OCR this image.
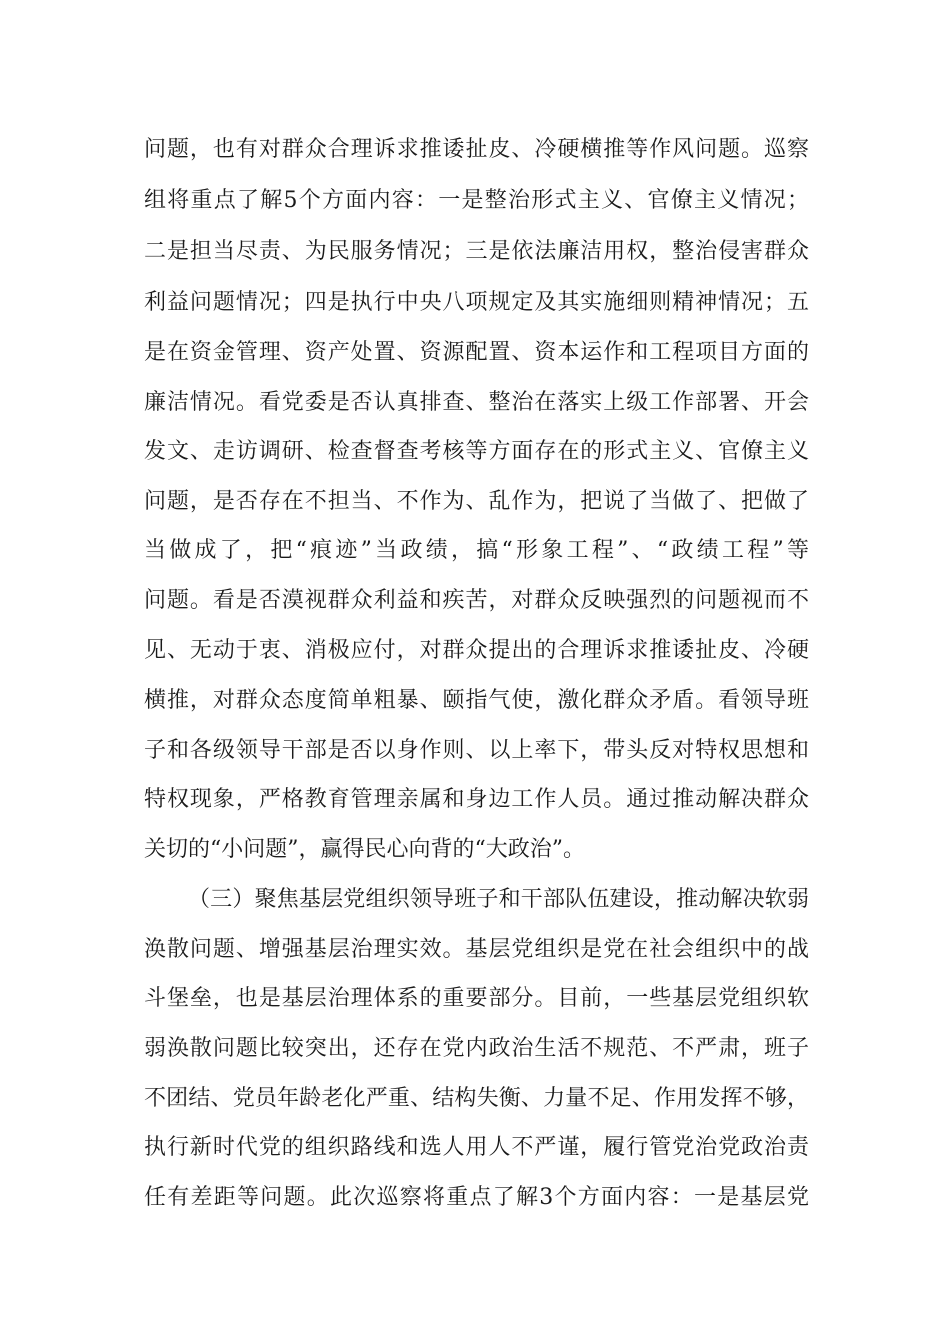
问题，也有对群众合理诉求推诿扯皮、冷硬横推等作风问题。巡察
组将重点了解5个方面内容：一是整治形式主义、官僚主义情况；
二是担当尽责、为民服务情况；三是依法廉洁用权，整治侵害群众
利益问题情况；四是执行中央八项规定及其实施细则精神情况；五
是在资金管理、资产处置、资源配置、资本运作和工程项目方面的
廉洁情况。看党委是否认真排查、整治在落实上级工作部署、开会
发文、走访调研、检查督查考核等方面存在的形式主义、官僚主义
问题，是否存在不担当、不作为、乱作为，把说了当做了、把做了
当做成了，把“痕迹”当政绩，搞“形象工程”、“政绩工程”等
问题。看是否漠视群众利益和疾苦，对群众反映强烈的问题视而不
见、无动于衷、消极应付，对群众提出的合理诉求推诿扯皮、冷硬
横推，对群众态度简单粗暴、颐指气使，激化群众矛盾。看领导班
子和各级领导干部是否以身作则、以上率下，带头反对特权思想和
特权现象，严格教育管理亲属和身边工作人员。通过推动解决群众
关切的“小问题”，赢得民心向背的“大政治”。
（三）聚焦基层党组织领导班子和干部队伍建设，推动解决软弱
涣散问题、增强基层治理实效。基层党组织是党在社会组织中的战
斗堡垒，也是基层治理体系的重要部分。目前，一些基层党组织软
弱涣散问题比较突出，还存在党内政治生活不规范、不严肃，班子
不团结、党员年龄老化严重、结构失衡、力量不足、作用发挥不够，
执行新时代党的组织路线和选人用人不严谨，履行管党治党政治责
任有差距等问题。此次巡察将重点了解3个方面内容：一是基层党
